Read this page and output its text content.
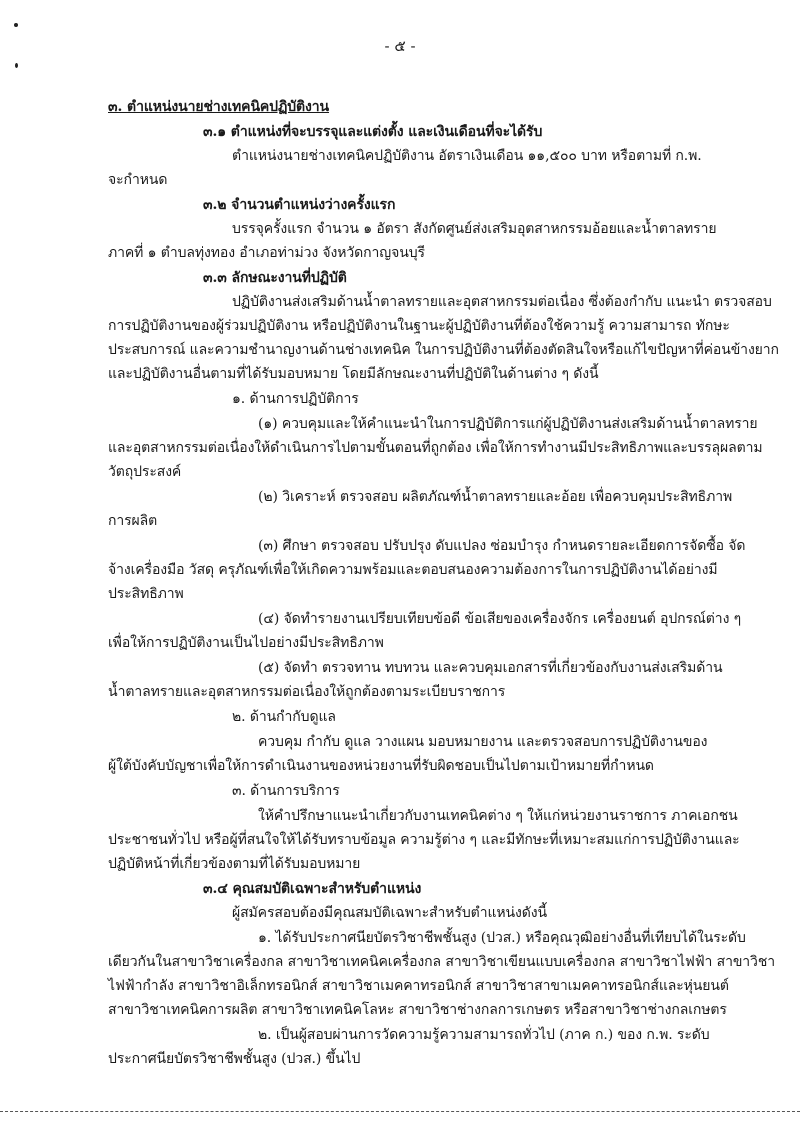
- ๕ -
๓. ตำแหน่งนายช่างเทคนิคปฏิบัติงาน
๓.๑ ตำแหน่งที่จะบรรจุและแต่งตั้ง และเงินเดือนที่จะได้รับ
ตำแหน่งนายช่างเทคนิคปฏิบัติงาน อัตราเงินเดือน ๑๑,๕๐๐ บาท หรือตามที่ ก.พ.
จะกำหนด
๓.๒ จำนวนตำแหน่งว่างครั้งแรก
บรรจุครั้งแรก จำนวน ๑ อัตรา สังกัดศูนย์ส่งเสริมอุตสาหกรรมอ้อยและน้ำตาลทราย
ภาคที่ ๑ ตำบลทุ่งทอง อำเภอท่าม่วง จังหวัดกาญจนบุรี
๓.๓ ลักษณะงานที่ปฏิบัติ
ปฏิบัติงานส่งเสริมด้านน้ำตาลทรายและอุตสาหกรรมต่อเนื่อง ซึ่งต้องกำกับ แนะนำ ตรวจสอบ
การปฏิบัติงานของผู้ร่วมปฏิบัติงาน หรือปฏิบัติงานในฐานะผู้ปฏิบัติงานที่ต้องใช้ความรู้ ความสามารถ ทักษะ
ประสบการณ์ และความชำนาญงานด้านช่างเทคนิค ในการปฏิบัติงานที่ต้องตัดสินใจหรือแก้ไขปัญหาที่ค่อนข้างยาก
และปฏิบัติงานอื่นตามที่ได้รับมอบหมาย โดยมีลักษณะงานที่ปฏิบัติในด้านต่าง ๆ ดังนี้
๑. ด้านการปฏิบัติการ
(๑) ควบคุมและให้คำแนะนำในการปฏิบัติการแก่ผู้ปฏิบัติงานส่งเสริมด้านน้ำตาลทราย
และอุตสาหกรรมต่อเนื่องให้ดำเนินการไปตามขั้นตอนที่ถูกต้อง เพื่อให้การทำงานมีประสิทธิภาพและบรรลุผลตาม
วัตถุประสงค์
(๒) วิเคราะห์ ตรวจสอบ ผลิตภัณฑ์น้ำตาลทรายและอ้อย เพื่อควบคุมประสิทธิภาพ
การผลิต
(๓) ศึกษา ตรวจสอบ ปรับปรุง ดับแปลง ซ่อมบำรุง กำหนดรายละเอียดการจัดซื้อ จัด
จ้างเครื่องมือ วัสดุ ครุภัณฑ์เพื่อให้เกิดความพร้อมและตอบสนองความต้องการในการปฏิบัติงานได้อย่างมี
ประสิทธิภาพ
(๔) จัดทำรายงานเปรียบเทียบข้อดี ข้อเสียของเครื่องจักร เครื่องยนต์ อุปกรณ์ต่าง ๆ
เพื่อให้การปฏิบัติงานเป็นไปอย่างมีประสิทธิภาพ
(๕) จัดทำ ตรวจทาน ทบทวน และควบคุมเอกสารที่เกี่ยวข้องกับงานส่งเสริมด้าน
น้ำตาลทรายและอุตสาหกรรมต่อเนื่องให้ถูกต้องตามระเบียบราชการ
๒. ด้านกำกับดูแล
ควบคุม กำกับ ดูแล วางแผน มอบหมายงาน และตรวจสอบการปฏิบัติงานของ
ผู้ใต้บังคับบัญชาเพื่อให้การดำเนินงานของหน่วยงานที่รับผิดชอบเป็นไปตามเป้าหมายที่กำหนด
๓. ด้านการบริการ
ให้คำปรึกษาแนะนำเกี่ยวกับงานเทคนิคต่าง ๆ ให้แก่หน่วยงานราชการ ภาคเอกชน
ประชาชนทั่วไป หรือผู้ที่สนใจให้ได้รับทราบข้อมูล ความรู้ต่าง ๆ และมีทักษะที่เหมาะสมแก่การปฏิบัติงานและ
ปฏิบัติหน้าที่เกี่ยวข้องตามที่ได้รับมอบหมาย
๓.๔ คุณสมบัติเฉพาะสำหรับตำแหน่ง
ผู้สมัครสอบต้องมีคุณสมบัติเฉพาะสำหรับตำแหน่งดังนี้
๑. ได้รับประกาศนียบัตรวิชาชีพชั้นสูง (ปวส.) หรือคุณวุฒิอย่างอื่นที่เทียบได้ในระดับ
เดียวกันในสาขาวิชาเครื่องกล สาขาวิชาเทคนิคเครื่องกล สาขาวิชาเขียนแบบเครื่องกล สาขาวิชาไฟฟ้า สาขาวิชา
ไฟฟ้ากำลัง สาขาวิชาอิเล็กทรอนิกส์ สาขาวิชาเมคคาทรอนิกส์ สาขาวิชาสาขาเมคคาทรอนิกส์และหุ่นยนต์
สาขาวิชาเทคนิคการผลิต สาขาวิชาเทคนิคโลหะ สาขาวิชาช่างกลการเกษตร หรือสาขาวิชาช่างกลเกษตร
๒. เป็นผู้สอบผ่านการวัดความรู้ความสามารถทั่วไป (ภาค ก.) ของ ก.พ. ระดับ
ประกาศนียบัตรวิชาชีพชั้นสูง (ปวส.) ขึ้นไป
